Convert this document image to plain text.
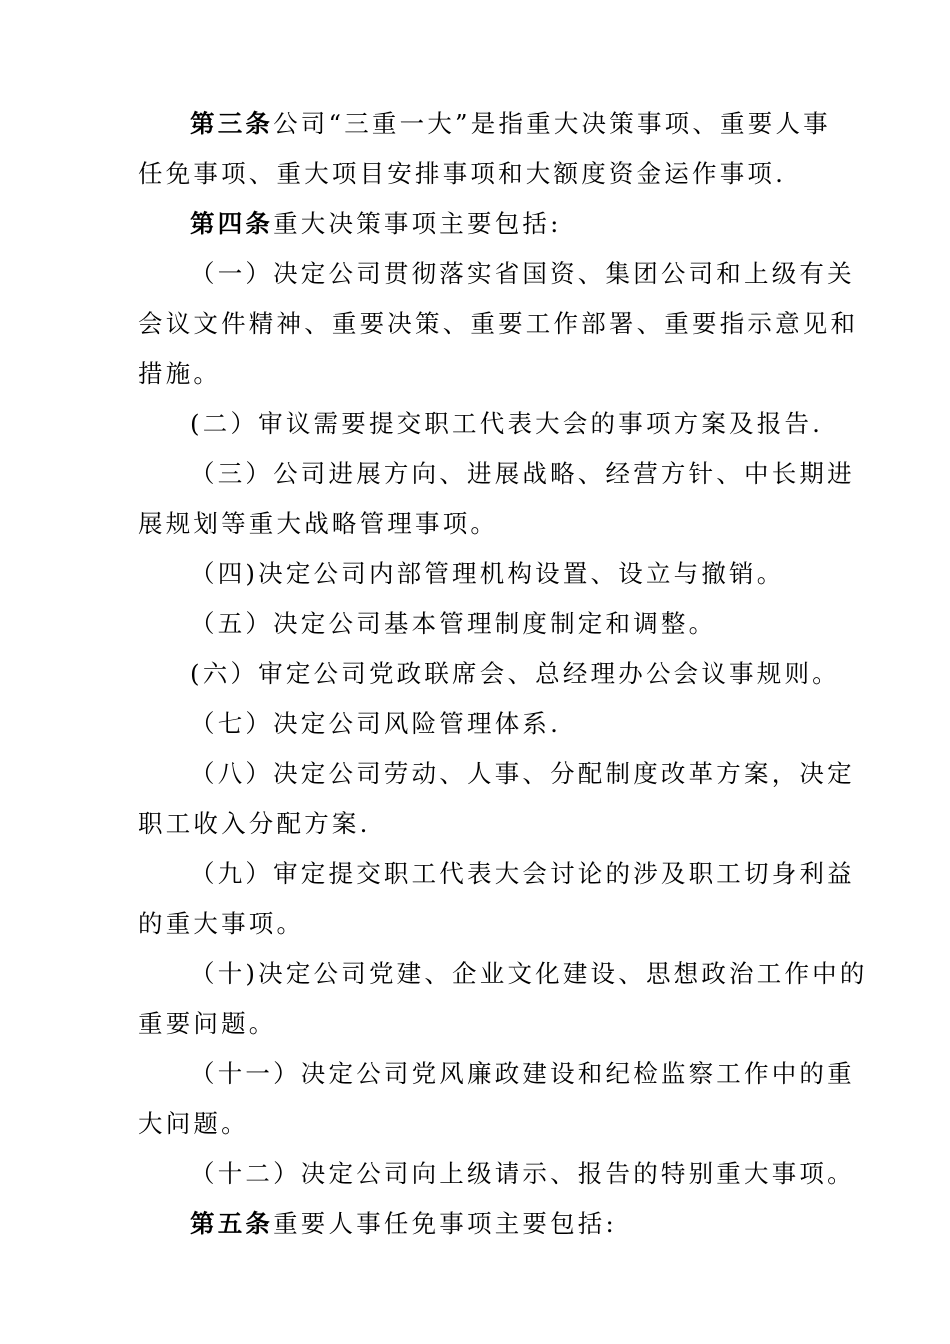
第三条公司“三重一大”是指重大决策事项、重要人事
任免事项、重大项目安排事项和大额度资金运作事项.
第四条重大决策事项主要包括:
（一）决定公司贯彻落实省国资、集团公司和上级有关
会议文件精神、重要决策、重要工作部署、重要指示意见和
措施。
(二）审议需要提交职工代表大会的事项方案及报告.
（三）公司进展方向、进展战略、经营方针、中长期进
展规划等重大战略管理事项。
（四)决定公司内部管理机构设置、设立与撤销。
（五）决定公司基本管理制度制定和调整。
(六）审定公司党政联席会、总经理办公会议事规则。
（七）决定公司风险管理体系.
（八）决定公司劳动、人事、分配制度改革方案，决定
职工收入分配方案.
（九）审定提交职工代表大会讨论的涉及职工切身利益
的重大事项。
（十)决定公司党建、企业文化建设、思想政治工作中的
重要问题。
（十一）决定公司党风廉政建设和纪检监察工作中的重
大问题。
（十二）决定公司向上级请示、报告的特别重大事项。
第五条重要人事任免事项主要包括:
